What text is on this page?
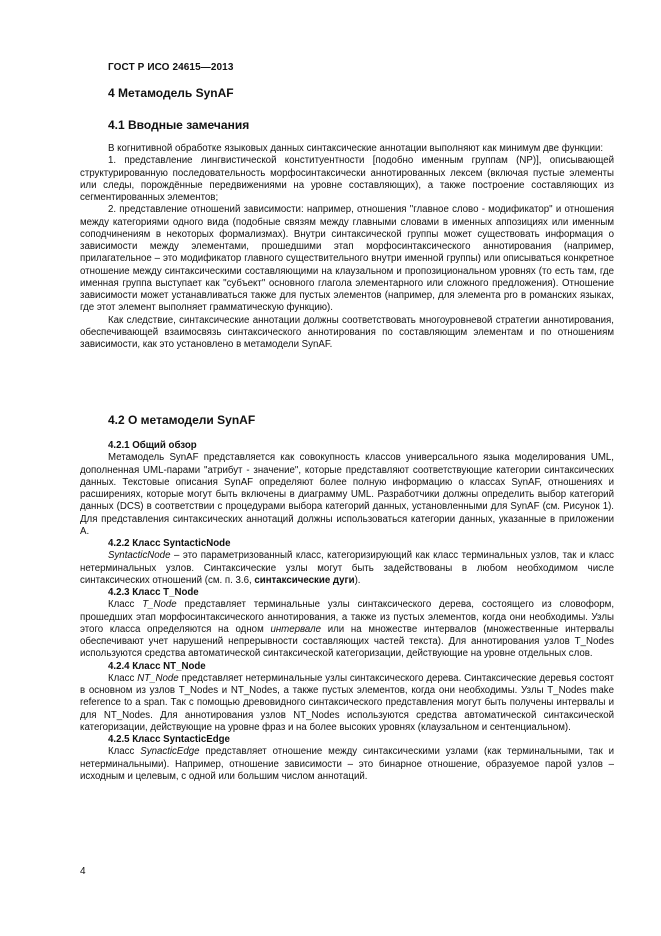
ГОСТ Р ИСО 24615—2013
4 Метамодель SynAF
4.1 Вводные замечания

В когнитивной обработке языковых данных синтаксические аннотации выполняют как минимум две функции:

1. представление лингвистической конституентности [подобно именным группам (NP)], описывающей структурированную последовательность морфосинтаксически аннотированных лексем (включая пустые элементы или следы, порождённые передвижениями на уровне составляющих), а также построение составляющих из сегментированных элементов;

2. представление отношений зависимости: например, отношения "главное слово - модификатор" и отношения между категориями одного вида (подобные связям между главными словами в именных аппозициях или именным соподчинениям в некоторых формализмах). Внутри синтаксической группы может существовать информация о зависимости между элементами, прошедшими этап морфосинтаксического аннотирования (например, прилагательное – это модификатор главного существительного внутри именной группы) или описываться конкретное отношение между синтаксическими составляющими на клаузальном и пропозициональном уровнях (то есть там, где именная группа выступает как "субъект" основного глагола элементарного или сложного предложения). Отношение зависимости может устанавливаться также для пустых элементов (например, для элемента pro в романских языках, где этот элемент выполняет грамматическую функцию).

Как следствие, синтаксические аннотации должны соответствовать многоуровневой стратегии аннотирования, обеспечивающей взаимосвязь синтаксического аннотирования по составляющим элементам и по отношениям зависимости, как это установлено в метамодели SynAF.

4.2 О метамодели SynAF

4.2.1 Общий обзор

Метамодель SynAF представляется как совокупность классов универсального языка моделирования UML, дополненная UML-парами "атрибут - значение", которые представляют соответствующие категории синтаксических данных. Текстовые описания SynAF определяют более полную информацию о классах SynAF, отношениях и расширениях, которые могут быть включены в диаграмму UML. Разработчики должны определить выбор категорий данных (DCS) в соответствии с процедурами выбора категорий данных, установленными для SynAF (см. Рисунок 1). Для представления синтаксических аннотаций должны использоваться категории данных, указанные в приложении А.

4.2.2 Класс SyntacticNode

SyntacticNode – это параметризованный класс, категоризирующий как класс терминальных узлов, так и класс нетерминальных узлов. Синтаксические узлы могут быть задействованы в любом необходимом числе синтаксических отношений (см. п. 3.6, синтаксические дуги).

4.2.3 Класс T_Node

Класс T_Node представляет терминальные узлы синтаксического дерева, состоящего из словоформ, прошедших этап морфосинтаксического аннотирования, а также из пустых элементов, когда они необходимы. Узлы этого класса определяются на одном интервале или на множестве интервалов (множественные интервалы обеспечивают учет нарушений непрерывности составляющих частей текста). Для аннотирования узлов T_Nodes используются средства автоматической синтаксической категоризации, действующие на уровне отдельных слов.

4.2.4 Класс NT_Node

Класс NT_Node представляет нетерминальные узлы синтаксического дерева. Синтаксические деревья состоят в основном из узлов T_Nodes и NT_Nodes, а также пустых элементов, когда они необходимы. Узлы T_Nodes make reference to a span. Так с помощью древовидного синтаксического представления могут быть получены интервалы и для NT_Nodes. Для аннотирования узлов NT_Nodes используются средства автоматической синтаксической категоризации, действующие на уровне фраз и на более высоких уровнях (клаузальном и сентенциальном).

4.2.5 Класс SyntacticEdge

Класс SynacticEdge представляет отношение между синтаксическими узлами (как терминальными, так и нетерминальными). Например, отношение зависимости – это бинарное отношение, образуемое парой узлов – исходным и целевым, с одной или большим числом аннотаций.

4
